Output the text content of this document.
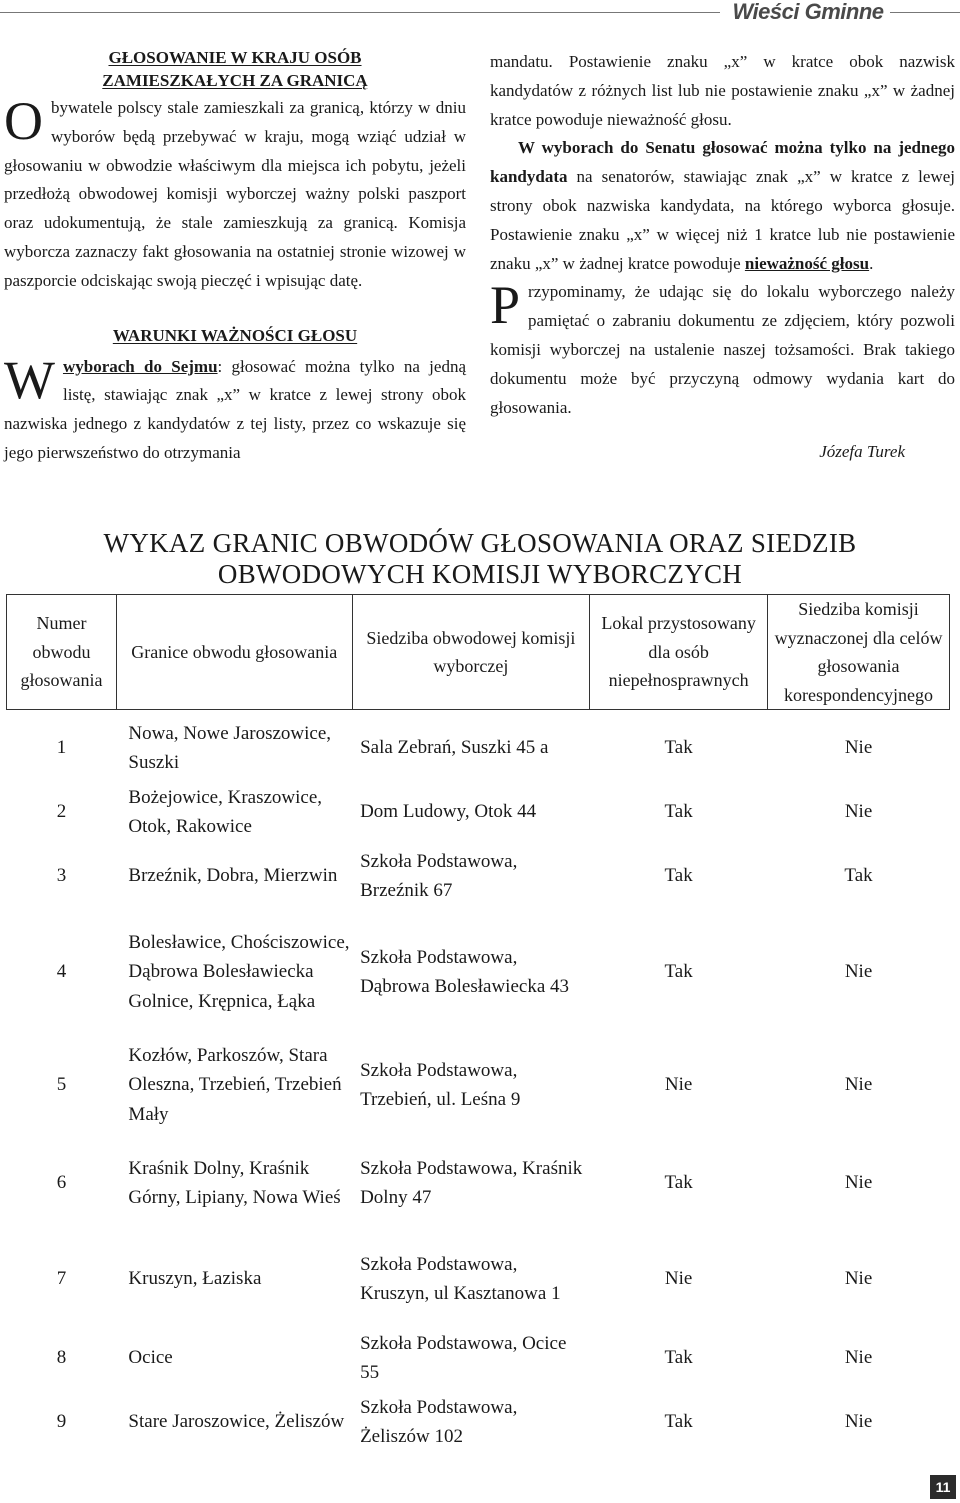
Wieści Gminne
GŁOSOWANIE W KRAJU OSÓB
ZAMIESZKAŁYCH ZA GRANICĄ

Obywatele polscy stale zamieszkali za granicą, którzy w dniu wyborów będą przebywać w kraju, mogą wziąć udział w głosowaniu w obwodzie właściwym dla miejsca ich pobytu, jeżeli przedłożą obwodowej komisji wyborczej ważny polski paszport oraz udokumentują, że stale zamieszkują za granicą. Komisja wyborcza zaznaczy fakt głosowania na ostatniej stronie wizowej w paszporcie odciskając swoją pieczęć i wpisując datę.

WARUNKI WAŻNOŚCI GŁOSU

Wwyborach do Sejmu: głosować można tylko na jedną listę, stawiając znak „x” w kratce z lewej strony obok nazwiska jednego z kandydatów z tej listy, przez co wskazuje się jego pierwszeństwo do otrzymania

mandatu. Postawienie znaku „x” w kratce obok nazwisk kandydatów z różnych list lub nie postawienie znaku „x” w żadnej kratce powoduje nieważność głosu.

W wyborach do Senatu głosować można tylko na jednego kandydata na senatorów, stawiając znak „x” w kratce z lewej strony obok nazwiska kandydata, na którego wyborca głosuje. Postawienie znaku „x” w więcej niż 1 kratce lub nie postawienie znaku „x” w żadnej kratce powoduje nieważność głosu.

Przypominamy, że udając się do lokalu wyborczego należy pamiętać o zabraniu dokumentu ze zdjęciem, który pozwoli komisji wyborczej na ustalenie naszej tożsamości. Brak takiego dokumentu może być przyczyną odmowy wydania kart do głosowania.

Józefa Turek
WYKAZ GRANIC OBWODÓW GŁOSOWANIA ORAZ SIEDZIB
OBWODOWYCH KOMISJI WYBORCZYCH
Numer obwodu głosowania	Granice obwodu głosowania	Siedziba obwodowej komisji wyborczej	Lokal przystosowany dla osób niepełnosprawnych	Siedziba komisji wyznaczonej dla celów głosowania korespondencyjnego

1	Nowa, Nowe Jaroszowice, Suszki	Sala Zebrań, Suszki 45 a	Tak	Nie
2	Bożejowice, Kraszowice, Otok, Rakowice	Dom Ludowy, Otok 44	Tak	Nie
3	Brzeźnik, Dobra, Mierzwin	Szkoła Podstawowa, Brzeźnik 67	Tak	Tak
4	Bolesławice, Chościszowice, Dąbrowa Bolesławiecka Golnice, Krępnica, Łąka	Szkoła Podstawowa, Dąbrowa Bolesławiecka 43	Tak	Nie
5	Kozłów, Parkoszów, Stara Oleszna, Trzebień, Trzebień Mały	Szkoła Podstawowa, Trzebień, ul. Leśna 9	Nie	Nie
6	Kraśnik Dolny, Kraśnik Górny, Lipiany, Nowa Wieś	Szkoła Podstawowa, Kraśnik Dolny 47	Tak	Nie
7	Kruszyn, Łaziska	Szkoła Podstawowa, Kruszyn, ul Kasztanowa 1	Nie	Nie
8	Ocice	Szkoła Podstawowa, Ocice 55	Tak	Nie
9	Stare Jaroszowice, Żeliszów	Szkoła Podstawowa, Żeliszów 102	Tak	Nie
11
